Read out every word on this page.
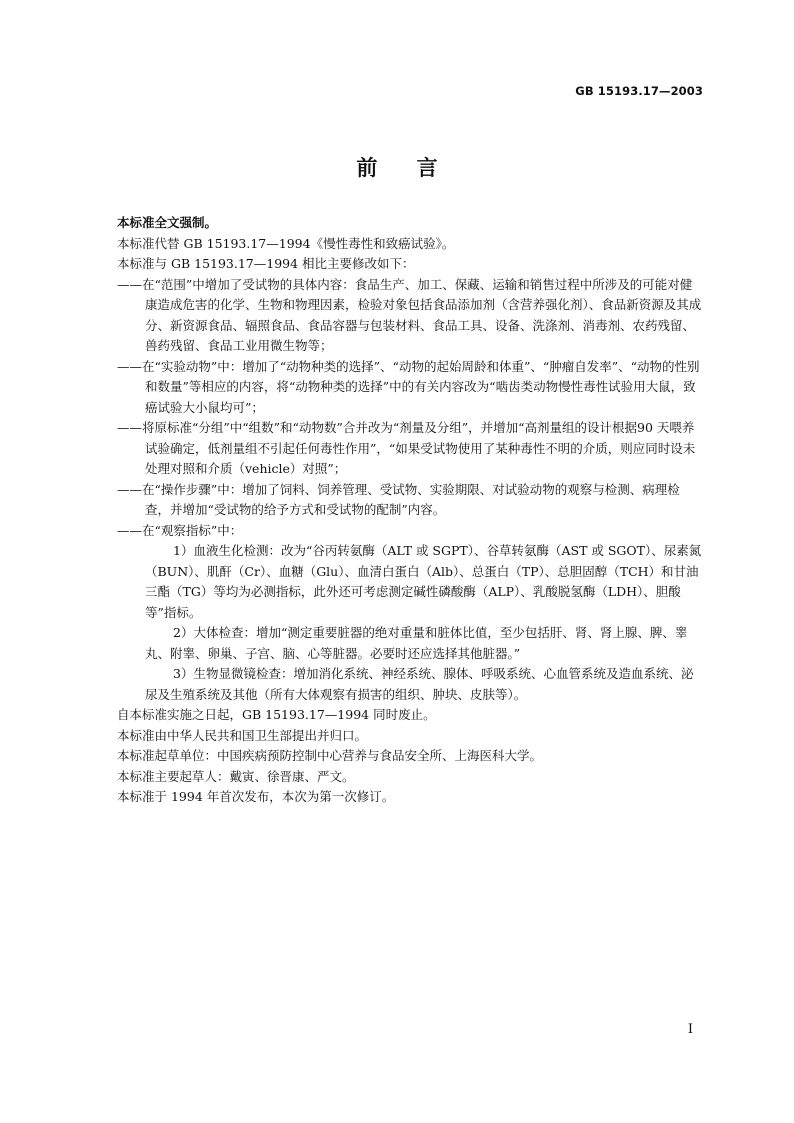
GB 15193.17—2003
前 言

本标准全文强制。

本标准代替 GB 15193.17—1994《慢性毒性和致癌试验》。

本标准与 GB 15193.17—1994 相比主要修改如下：

——在“范围”中增加了受试物的具体内容：食品生产、加工、保藏、运输和销售过程中所涉及的可能对健康造成危害的化学、生物和物理因素，检验对象包括食品添加剂（含营养强化剂）、食品新资源及其成分、新资源食品、辐照食品、食品容器与包装材料、食品工具、设备、洗涤剂、消毒剂、农药残留、兽药残留、食品工业用微生物等；

——在“实验动物”中：增加了“动物种类的选择”、“动物的起始周龄和体重”、“肿瘤自发率”、“动物的性别和数量”等相应的内容，将“动物种类的选择”中的有关内容改为“啮齿类动物慢性毒性试验用大鼠，致癌试验大小鼠均可”；

——将原标准“分组”中“组数”和“动物数”合并改为“剂量及分组”，并增加“高剂量组的设计根据90 天喂养试验确定，低剂量组不引起任何毒性作用”，“如果受试物使用了某种毒性不明的介质，则应同时设未处理对照和介质（vehicle）对照”；

——在“操作步骤”中：增加了饲料、饲养管理、受试物、实验期限、对试验动物的观察与检测、病理检查，并增加“受试物的给予方式和受试物的配制”内容。

——在“观察指标”中：

1）血液生化检测：改为“谷丙转氨酶（ALT 或 SGPT）、谷草转氨酶（AST 或 SGOT）、尿素氮（BUN）、肌酐（Cr）、血糖（Glu）、血清白蛋白（Alb）、总蛋白（TP）、总胆固醇（TCH）和甘油三酯（TG）等均为必测指标，此外还可考虑测定碱性磷酸酶（ALP）、乳酸脱氢酶（LDH）、胆酸等”指标。

2）大体检查：增加“测定重要脏器的绝对重量和脏体比值，至少包括肝、肾、肾上腺、脾、睾丸、附睾、卵巢、子宫、脑、心等脏器。必要时还应选择其他脏器。”

3）生物显微镜检查：增加消化系统、神经系统、腺体、呼吸系统、心血管系统及造血系统、泌尿及生殖系统及其他（所有大体观察有损害的组织、肿块、皮肤等）。

自本标准实施之日起，GB 15193.17—1994 同时废止。

本标准由中华人民共和国卫生部提出并归口。

本标准起草单位：中国疾病预防控制中心营养与食品安全所、上海医科大学。

本标准主要起草人：戴寅、徐晋康、严文。

本标准于 1994 年首次发布，本次为第一次修订。

I
